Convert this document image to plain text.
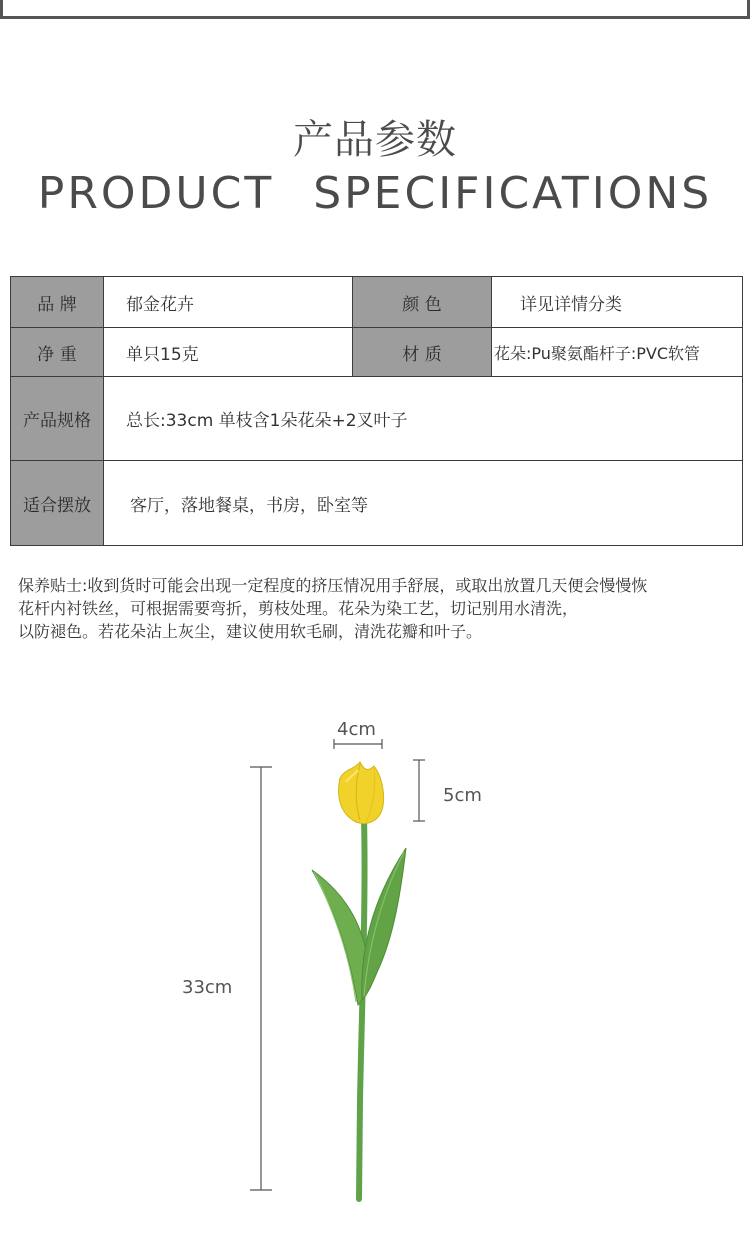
产品参数
PRODUCT SPECIFICATIONS
品 牌	郁金花卉	颜 色	详见详情分类
净 重	单只15克	材 质	花朵:Pu聚氨酯杆子:PVC软管
产品规格	总长:33cm 单枝含1朵花朵+2叉叶子		
适合摆放	客厅，落地餐桌，书房，卧室等		

保养贴士:收到货时可能会出现一定程度的挤压情况用手舒展，或取出放置几天便会慢慢恢

花杆内衬铁丝，可根据需要弯折，剪枝处理。花朵为染工艺，切记别用水清洗，

以防褪色。若花朵沾上灰尘，建议使用软毛刷，清洗花瓣和叶子。

4cm
5cm
33cm
